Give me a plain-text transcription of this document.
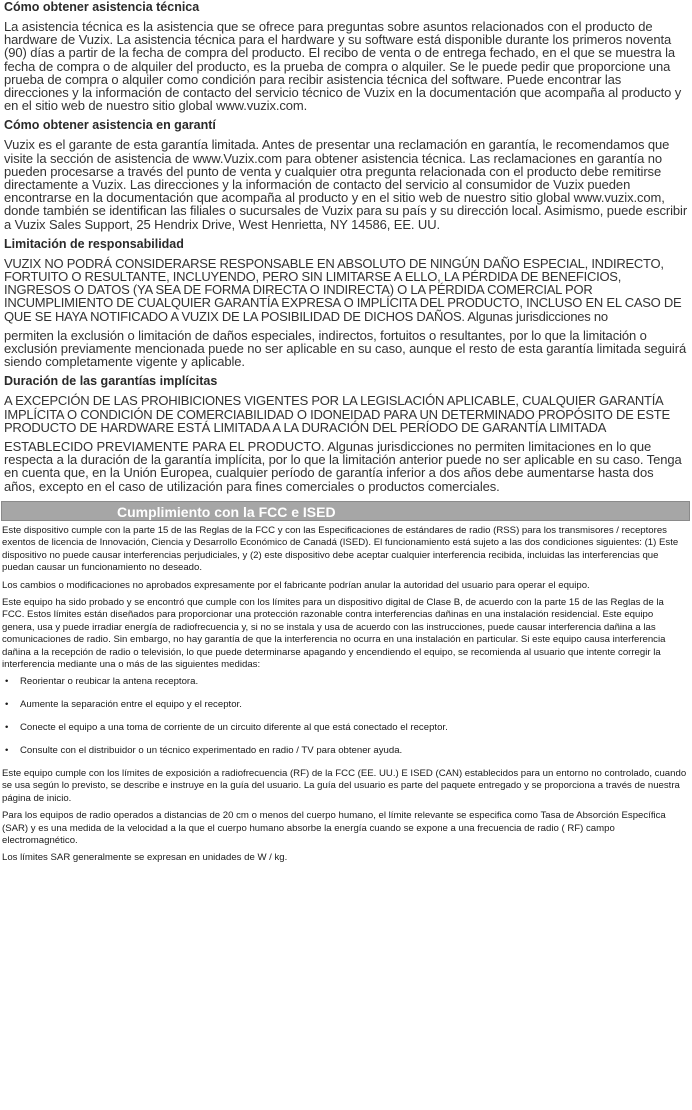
Cómo obtener asistencia técnica
La asistencia técnica es la asistencia que se ofrece para preguntas sobre asuntos relacionados con el producto de hardware de Vuzix. La asistencia técnica para el hardware y su software está disponible durante los primeros noventa (90) días a partir de la fecha de compra del producto. El recibo de venta o de entrega fechado, en el que se muestra la fecha de compra o de alquiler del producto, es la prueba de compra o alquiler. Se le puede pedir que proporcione una prueba de compra o alquiler como condición para recibir asistencia técnica del software. Puede encontrar las direcciones y la información de contacto del servicio técnico de Vuzix en la documentación que acompaña al producto y en el sitio web de nuestro sitio global www.vuzix.com.
Cómo obtener asistencia en garantí
Vuzix es el garante de esta garantía limitada. Antes de presentar una reclamación en garantía, le recomendamos que visite la sección de asistencia de www.Vuzix.com para obtener asistencia técnica. Las reclamaciones en garantía no pueden procesarse a través del punto de venta y cualquier otra pregunta relacionada con el producto debe remitirse directamente a Vuzix. Las direcciones y la información de contacto del servicio al consumidor de Vuzix pueden encontrarse en la documentación que acompaña al producto y en el sitio web de nuestro sitio global www.vuzix.com, donde también se identifican las filiales o sucursales de Vuzix para su país y su dirección local. Asimismo, puede escribir a Vuzix Sales Support, 25 Hendrix Drive, West Henrietta, NY 14586, EE. UU.
Limitación de responsabilidad
VUZIX NO PODRÁ CONSIDERARSE RESPONSABLE EN ABSOLUTO DE NINGÚN DAÑO ESPECIAL, INDIRECTO, FORTUITO O RESULTANTE, INCLUYENDO, PERO SIN LIMITARSE A ELLO, LA PÉRDIDA DE BENEFICIOS, INGRESOS O DATOS (YA SEA DE FORMA DIRECTA O INDIRECTA) O LA PÉRDIDA COMERCIAL POR INCUMPLIMIENTO DE CUALQUIER GARANTÍA EXPRESA O IMPLÍCITA DEL PRODUCTO, INCLUSO EN EL CASO DE QUE SE HAYA NOTIFICADO A VUZIX DE LA POSIBILIDAD DE DICHOS DAÑOS. Algunas jurisdicciones no
permiten la exclusión o limitación de daños especiales, indirectos, fortuitos o resultantes, por lo que la limitación o exclusión previamente mencionada puede no ser aplicable en su caso, aunque el resto de esta garantía limitada seguirá siendo completamente vigente y aplicable.
Duración de las garantías implícitas
A EXCEPCIÓN DE LAS PROHIBICIONES VIGENTES POR LA LEGISLACIÓN APLICABLE, CUALQUIER GARANTÍA IMPLÍCITA O CONDICIÓN DE COMERCIABILIDAD O IDONEIDAD PARA UN DETERMINADO PROPÓSITO DE ESTE PRODUCTO DE HARDWARE ESTÁ LIMITADA A LA DURACIÓN DEL PERÍODO DE GARANTÍA LIMITADA
ESTABLECIDO PREVIAMENTE PARA EL PRODUCTO. Algunas jurisdicciones no permiten limitaciones en lo que respecta a la duración de la garantía implícita, por lo que la limitación anterior puede no ser aplicable en su caso. Tenga en cuenta que, en la Unión Europea, cualquier período de garantía inferior a dos años debe aumentarse hasta dos años, excepto en el caso de utilización para fines comerciales o productos comerciales.
Cumplimiento con la FCC e ISED
Este dispositivo cumple con la parte 15 de las Reglas de la FCC y con las Especificaciones de estándares de radio (RSS) para los transmisores / receptores exentos de licencia de Innovación, Ciencia y Desarrollo Económico de Canadá (ISED). El funcionamiento está sujeto a las dos condiciones siguientes: (1) Este dispositivo no puede causar interferencias perjudiciales, y (2) este dispositivo debe aceptar cualquier interferencia recibida, incluidas las interferencias que puedan causar un funcionamiento no deseado.
Los cambios o modificaciones no aprobados expresamente por el fabricante podrían anular la autoridad del usuario para operar el equipo.
Este equipo ha sido probado y se encontró que cumple con los límites para un dispositivo digital de Clase B, de acuerdo con la parte 15 de las Reglas de la FCC. Estos límites están diseñados para proporcionar una protección razonable contra interferencias dañinas en una instalación residencial. Este equipo genera, usa y puede irradiar energía de radiofrecuencia y, si no se instala y usa de acuerdo con las instrucciones, puede causar interferencia dañina a las comunicaciones de radio. Sin embargo, no hay garantía de que la interferencia no ocurra en una instalación en particular. Si este equipo causa interferencia dañina a la recepción de radio o televisión, lo que puede determinarse apagando y encendiendo el equipo, se recomienda al usuario que intente corregir la interferencia mediante una o más de las siguientes medidas:
• Reorientar o reubicar la antena receptora.
• Aumente la separación entre el equipo y el receptor.
• Conecte el equipo a una toma de corriente de un circuito diferente al que está conectado el receptor.
• Consulte con el distribuidor o un técnico experimentado en radio / TV para obtener ayuda.
Este equipo cumple con los límites de exposición a radiofrecuencia (RF) de la FCC (EE. UU.) E ISED (CAN) establecidos para un entorno no controlado, cuando se usa según lo previsto, se describe e instruye en la guía del usuario. La guía del usuario es parte del paquete entregado y se proporciona a través de nuestra página de inicio.
Para los equipos de radio operados a distancias de 20 cm o menos del cuerpo humano, el límite relevante se especifica como Tasa de Absorción Específica (SAR) y es una medida de la velocidad a la que el cuerpo humano absorbe la energía cuando se expone a una frecuencia de radio ( RF) campo electromagnético.
Los límites SAR generalmente se expresan en unidades de W / kg.
